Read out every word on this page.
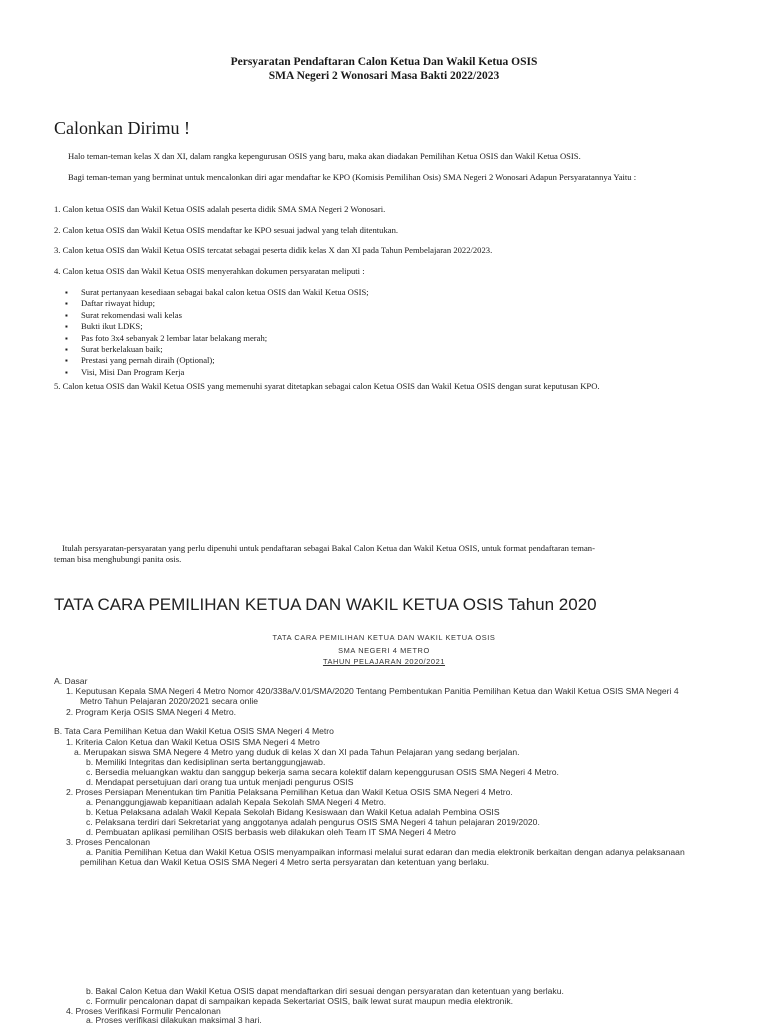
Persyaratan Pendaftaran Calon Ketua Dan Wakil Ketua OSIS

SMA Negeri 2 Wonosari Masa Bakti 2022/2023

Calonkan Dirimu !

Halo teman-teman kelas X dan XI, dalam rangka kepengurusan OSIS yang baru, maka akan diadakan Pemilihan Ketua OSIS dan Wakil Ketua OSIS.

Bagi teman-teman yang berminat untuk mencalonkan diri agar mendaftar ke KPO (Komisis Pemilihan Osis) SMA Negeri 2 Wonosari Adapun Persyaratannya Yaitu :

1. Calon ketua OSIS dan Wakil Ketua OSIS adalah peserta didik SMA SMA Negeri 2 Wonosari.

2. Calon ketua OSIS dan Wakil Ketua OSIS mendaftar ke KPO sesuai jadwal yang telah ditentukan.

3. Calon ketua OSIS dan Wakil Ketua OSIS tercatat sebagai peserta didik kelas X dan XI pada Tahun Pembelajaran 2022/2023.

4. Calon ketua OSIS dan Wakil Ketua OSIS menyerahkan dokumen persyaratan meliputi :

▪ Surat pertanyaan kesediaan sebagai bakal calon ketua OSIS dan Wakil Ketua OSIS;
▪ Daftar riwayat hidup;
▪ Surat rekomendasi wali kelas
▪ Bukti ikut LDKS;
▪ Pas foto 3x4 sebanyak 2 lembar latar belakang merah;
▪ Surat berkelakuan baik;
▪ Prestasi yang pernah diraih (Optional);
▪ Visi, Misi Dan Program Kerja

5. Calon ketua OSIS dan Wakil Ketua OSIS yang memenuhi syarat ditetapkan sebagai calon Ketua OSIS dan Wakil Ketua OSIS dengan surat keputusan KPO.

Itulah persyaratan-persyaratan yang perlu dipenuhi untuk pendaftaran sebagai Bakal Calon Ketua dan Wakil Ketua OSIS, untuk format pendaftaran teman-

teman bisa menghubungi panita osis.

TATA CARA PEMILIHAN KETUA DAN WAKIL KETUA OSIS Tahun 2020

TATA CARA PEMILIHAN KETUA DAN WAKIL KETUA OSIS

SMA NEGERI 4 METRO

TAHUN PELAJARAN 2020/2021

A. Dasar

1. Keputusan Kepala SMA Negeri 4 Metro Nomor 420/338a/V.01/SMA/2020 Tentang Pembentukan Panitia Pemilihan Ketua dan Wakil Ketua OSIS SMA Negeri 4

Metro Tahun Pelajaran 2020/2021 secara onlie

2. Program Kerja OSIS SMA Negeri 4 Metro.

B. Tata Cara Pemilihan Ketua dan Wakil Ketua OSIS SMA Negeri 4 Metro

1. Kriteria Calon Ketua dan Wakil Ketua OSIS SMA Negeri 4 Metro

a. Merupakan siswa SMA Negere 4 Metro yang duduk di kelas X dan XI pada Tahun Pelajaran yang sedang berjalan.

b. Memiliki Integritas dan kedisiplinan serta bertanggungjawab.

c. Bersedia meluangkan waktu dan sanggup bekerja sama secara kolektif dalam kepenggurusan OSIS SMA Negeri 4 Metro.

d. Mendapat persetujuan dari orang tua untuk menjadi pengurus OSIS

2. Proses Persiapan Menentukan tim Panitia Pelaksana Pemilihan Ketua dan Wakil Ketua OSIS SMA Negeri 4 Metro.

a. Penanggungjawab kepanitiaan adalah Kepala Sekolah SMA Negeri 4 Metro.

b. Ketua Pelaksana adalah Wakil Kepala Sekolah Bidang Kesiswaan dan Wakil Ketua adalah Pembina OSIS

c. Pelaksana terdiri dari Sekretariat yang anggotanya adalah pengurus OSIS SMA Negeri 4 tahun pelajaran 2019/2020.

d. Pembuatan aplikasi pemilihan OSIS berbasis web dilakukan oleh Team IT SMA Negeri 4 Metro

3. Proses Pencalonan

a. Panitia Pemilihan Ketua dan Wakil Ketua OSIS menyampaikan informasi melalui surat edaran dan media elektronik berkaitan dengan adanya pelaksanaan

pemilihan Ketua dan Wakil Ketua OSIS SMA Negeri 4 Metro serta persyaratan dan ketentuan yang berlaku.

b. Bakal Calon Ketua dan Wakil Ketua OSIS dapat mendaftarkan diri sesuai dengan persyaratan dan ketentuan yang berlaku.

c. Formulir pencalonan dapat di sampaikan kepada Sekertariat OSIS, baik lewat surat maupun media elektronik.

4. Proses Verifikasi Formulir Pencalonan

a. Proses verifikasi dilakukan maksimal 3 hari.
